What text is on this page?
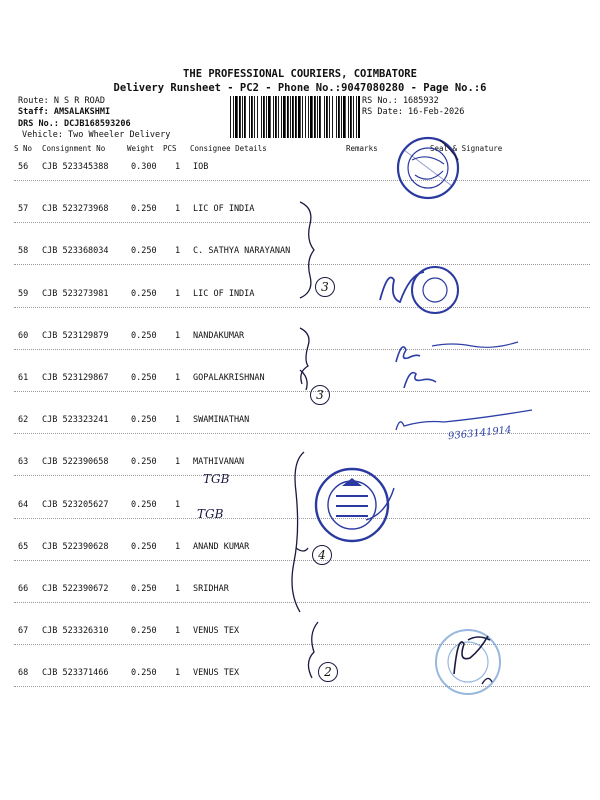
THE PROFESSIONAL COURIERS, COIMBATORE
Delivery Runsheet - PC2 - Phone No.:9047080280 - Page No.:6
Route: N S R ROAD
Staff: AMSALAKSHMI
DRS No.: DCJB168593206
Vehicle: Two Wheeler Delivery
RS No.: 1685932
RS Date: 16-Feb-2026
S No Consignment No	Weight PCS Consignee Details	Remarks	Seal & Signature
56 CJB 523345388	0.300 1 IOB
57 CJB 523273968	0.250 1 LIC OF INDIA
58 CJB 523368034	0.250 1 C. SATHYA NARAYANAN
59 CJB 523273981	0.250 1 LIC OF INDIA
60 CJB 523129879	0.250 1 NANDAKUMAR
61 CJB 523129867	0.250 1 GOPALAKRISHNAN
62 CJB 523323241	0.250 1 SWAMINATHAN
63 CJB 522390658	0.250 1 MATHIVANAN
64 CJB 523205627	0.250 1
65 CJB 522390628	0.250 1 ANAND KUMAR
66 CJB 522390672	0.250 1 SRIDHAR
67 CJB 523326310	0.250 1 VENUS TEX
68 CJB 523371466	0.250 1 VENUS TEX
TGB
TGB
3
3
4
2
9363141914
